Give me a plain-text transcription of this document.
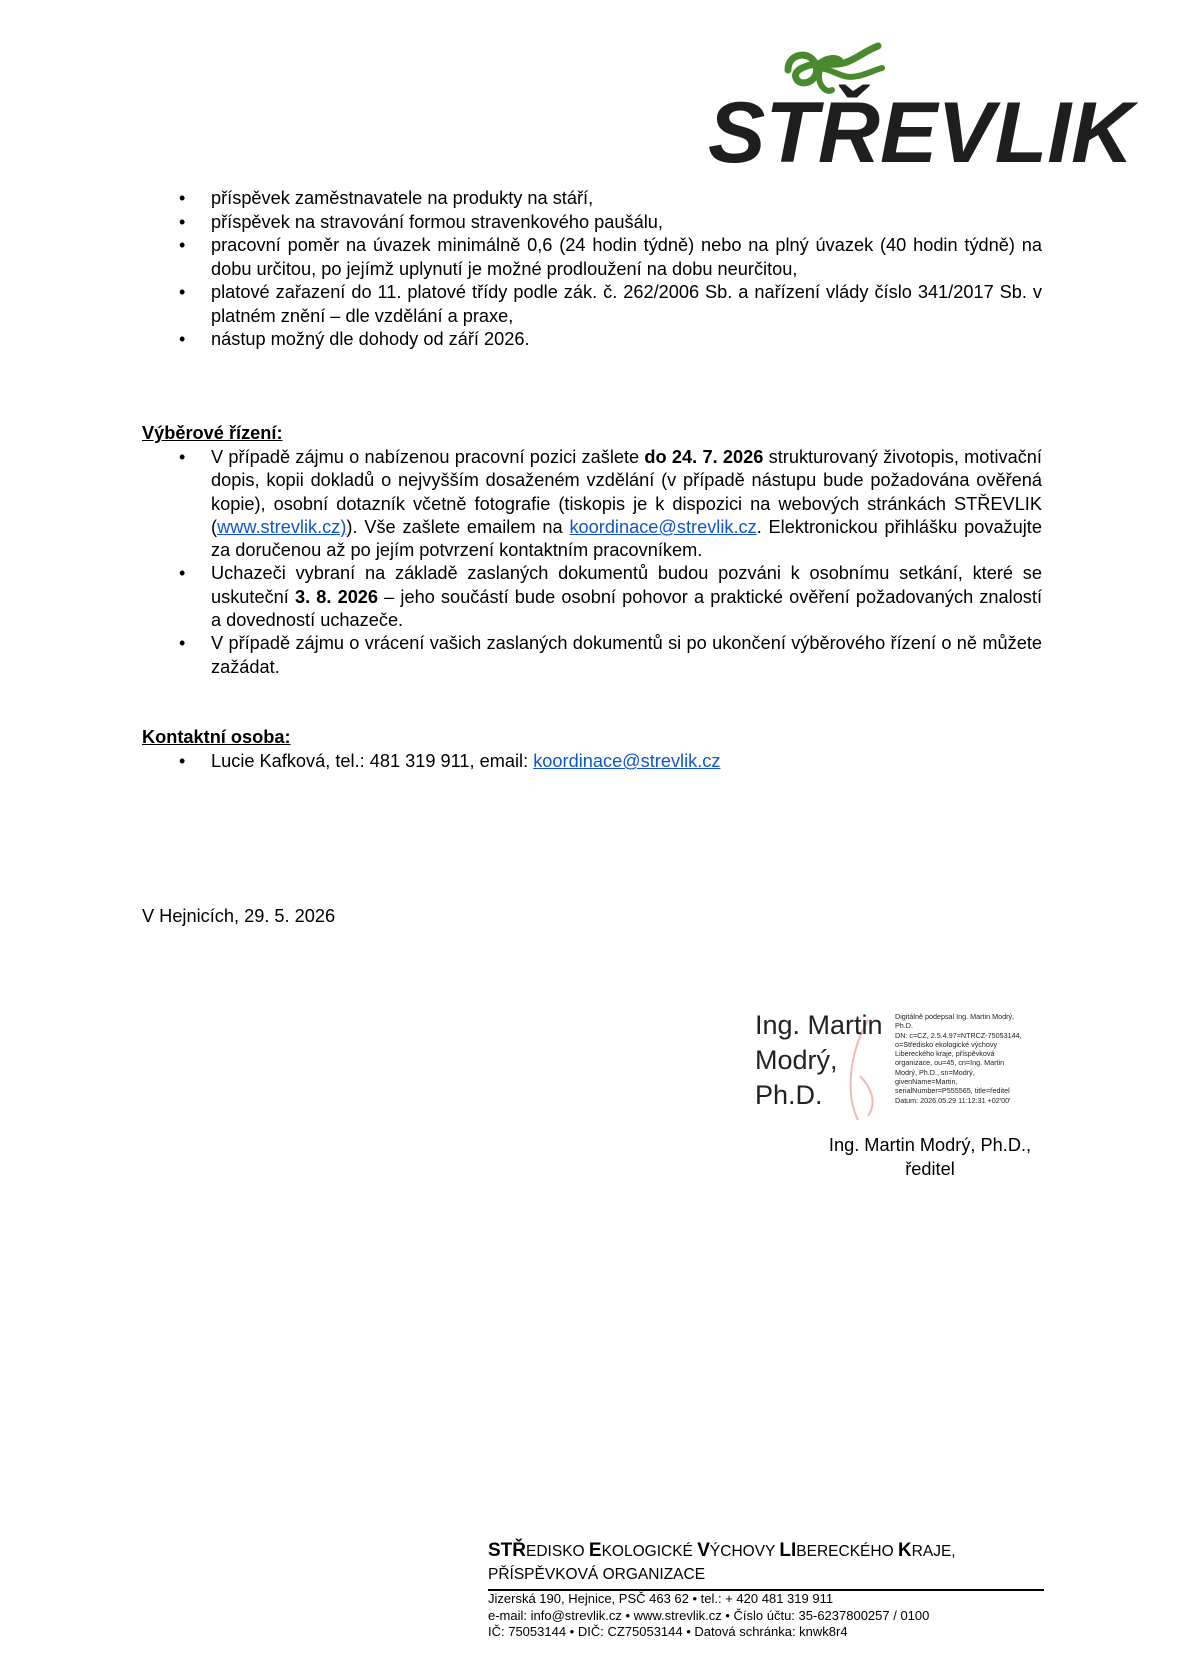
STŘEVLIK
• příspěvek zaměstnavatele na produkty na stáří,
• příspěvek na stravování formou stravenkového paušálu,
• pracovní poměr na úvazek minimálně 0,6 (24 hodin týdně) nebo na plný úvazek (40 hodin týdně) na dobu určitou, po jejímž uplynutí je možné prodloužení na dobu neurčitou,
• platové zařazení do 11. platové třídy podle zák. č. 262/2006 Sb. a nařízení vlády číslo 341/2017 Sb. v platném znění – dle vzdělání a praxe,
• nástup možný dle dohody od září 2026.
Výběrové řízení:
• V případě zájmu o nabízenou pracovní pozici zašlete do 24. 7. 2026 strukturovaný životopis, motivační dopis, kopii dokladů o nejvyšším dosaženém vzdělání (v případě nástupu bude požadována ověřená kopie), osobní dotazník včetně fotografie (tiskopis je k dispozici na webových stránkách STŘEVLIK (www.strevlik.cz)). Vše zašlete emailem na koordinace@strevlik.cz. Elektronickou přihlášku považujte za doručenou až po jejím potvrzení kontaktním pracovníkem.
• Uchazeči vybraní na základě zaslaných dokumentů budou pozváni k osobnímu setkání, které se uskuteční 3. 8. 2026 – jeho součástí bude osobní pohovor a praktické ověření požadovaných znalostí a dovedností uchazeče.
• V případě zájmu o vrácení vašich zaslaných dokumentů si po ukončení výběrového řízení o ně můžete zažádat.
Kontaktní osoba:
• Lucie Kafková, tel.: 481 319 911, email: koordinace@strevlik.cz
V Hejnicích, 29. 5. 2026
Ing. Martin
Modrý,
Ph.D.
Digitálně podepsal Ing. Martin Modrý,
Ph.D.
DN: c=CZ, 2.5.4.97=NTRCZ-75053144,
o=Středisko ekologické výchovy
Libereckého kraje, příspěvková
organizace, ou=45, cn=Ing. Martin
Modrý, Ph.D., sn=Modrý,
givenName=Martin,
serialNumber=P555565, title=ředitel
Datum: 2026.05.29 11:12:31 +02'00'
Ing. Martin Modrý, Ph.D.,
ředitel
STŘEDISKO EKOLOGICKÉ VÝCHOVY LIBERECKÉHO KRAJE,
PŘÍSPĚVKOVÁ ORGANIZACE
Jizerská 190, Hejnice, PSČ 463 62 • tel.: + 420 481 319 911
e-mail: info@strevlik.cz • www.strevlik.cz • Číslo účtu: 35-6237800257 / 0100
IČ: 75053144 • DIČ: CZ75053144 • Datová schránka: knwk8r4
